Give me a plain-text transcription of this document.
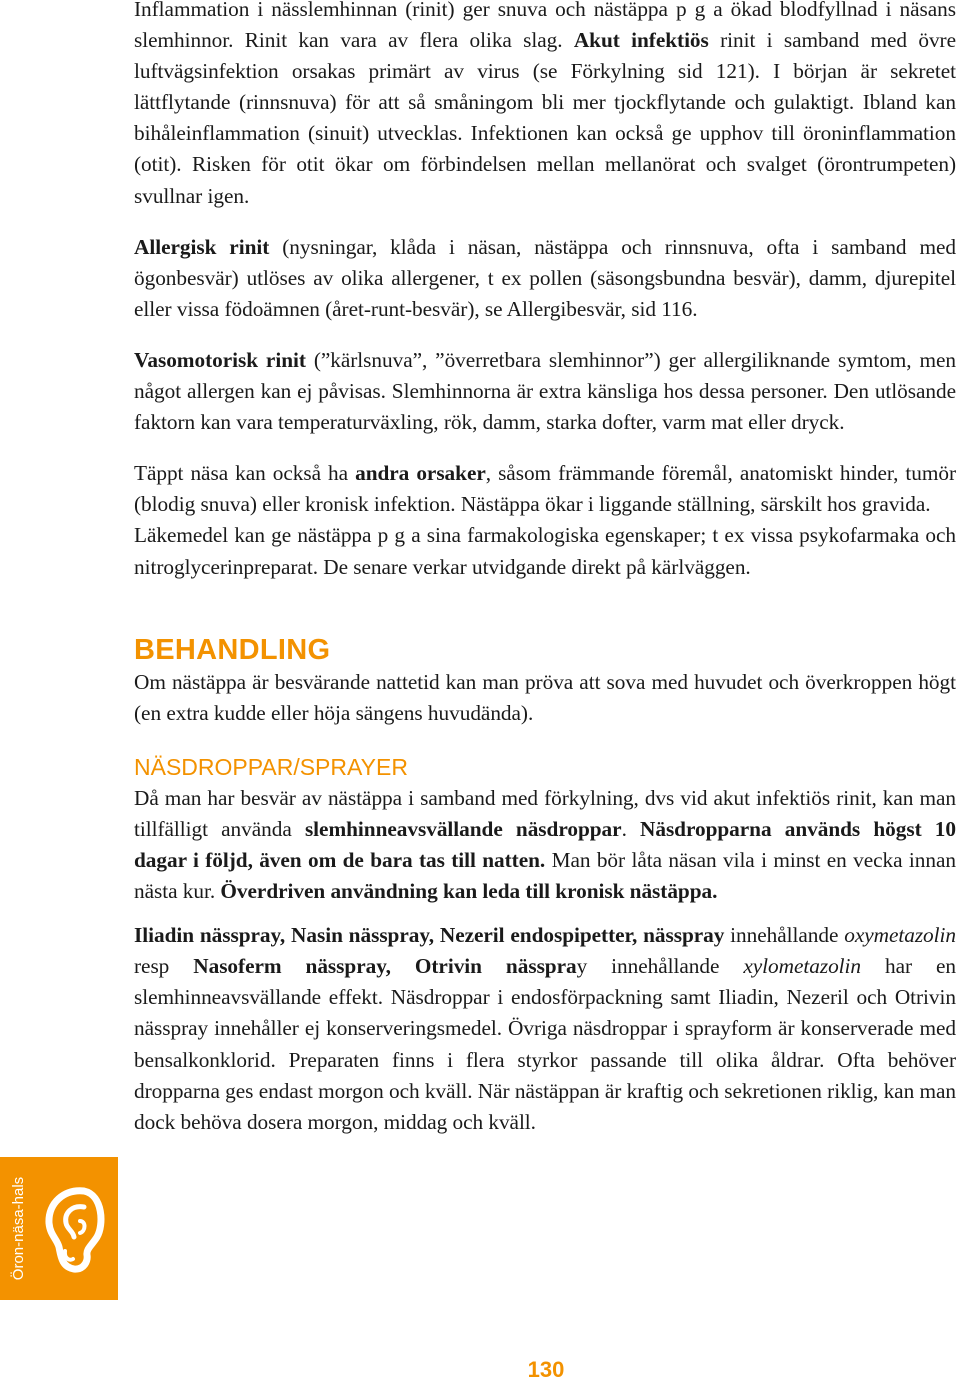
Inflammation i nässlemhinnan (rinit) ger snuva och nästäppa p g a ökad blodfyllnad i näsans slemhinnor. Rinit kan vara av flera olika slag. Akut infektiös rinit i samband med övre luftvägsinfektion orsakas primärt av virus (se Förkylning sid 121). I början är sekretet lättflytande (rinnsnuva) för att så småningom bli mer tjockflytande och gulaktigt. Ibland kan bihåleinflammation (sinuit) utvecklas. Infektionen kan också ge upphov till öroninflammation (otit). Risken för otit ökar om förbindelsen mellan mellanörat och svalget (örontrumpeten) svullnar igen.

Allergisk rinit (nysningar, klåda i näsan, nästäppa och rinnsnuva, ofta i samband med ögonbesvär) utlöses av olika allergener, t ex pollen (säsongsbundna besvär), damm, djurepitel eller vissa födoämnen (året-runt-besvär), se Allergibesvär, sid 116.

Vasomotorisk rinit (”kärlsnuva”, ”överretbara slemhinnor”) ger allergiliknande symtom, men något allergen kan ej påvisas. Slemhinnorna är extra känsliga hos dessa personer. Den utlösande faktorn kan vara temperaturväxling, rök, damm, starka dofter, varm mat eller dryck.

Täppt näsa kan också ha andra orsaker, såsom främmande föremål, anatomiskt hinder, tumör (blodig snuva) eller kronisk infektion. Nästäppa ökar i liggande ställning, särskilt hos gravida.

Läkemedel kan ge nästäppa p g a sina farmakologiska egenskaper; t ex vissa psykofarmaka och nitroglycerinpreparat. De senare verkar utvidgande direkt på kärlväggen.

BEHANDLING

Om nästäppa är besvärande nattetid kan man pröva att sova med huvudet och överkroppen högt (en extra kudde eller höja sängens huvudända).

NÄSDROPPAR/SPRAYER

Då man har besvär av nästäppa i samband med förkylning, dvs vid akut infektiös rinit, kan man tillfälligt använda slemhinneavsvällande näsdroppar. Näsdropparna används högst 10 dagar i följd, även om de bara tas till natten. Man bör låta näsan vila i minst en vecka innan nästa kur. Överdriven användning kan leda till kronisk nästäppa.

Iliadin nässpray, Nasin nässpray, Nezeril endospipetter, nässpray innehållande oxymetazolin resp Nasoferm nässpray, Otrivin nässpray innehållande xylometazolin har en slemhinneavsvällande effekt. Näsdroppar i endosförpackning samt Iliadin, Nezeril och Otrivin nässpray innehåller ej konserveringsmedel. Övriga näsdroppar i sprayform är konserverade med bensalkonklorid. Preparaten finns i flera styrkor passande till olika åldrar. Ofta behöver dropparna ges endast morgon och kväll. När nästäppan är kraftig och sekretionen riklig, kan man dock behöva dosera morgon, middag och kväll.

Öron-näsa-hals
130
